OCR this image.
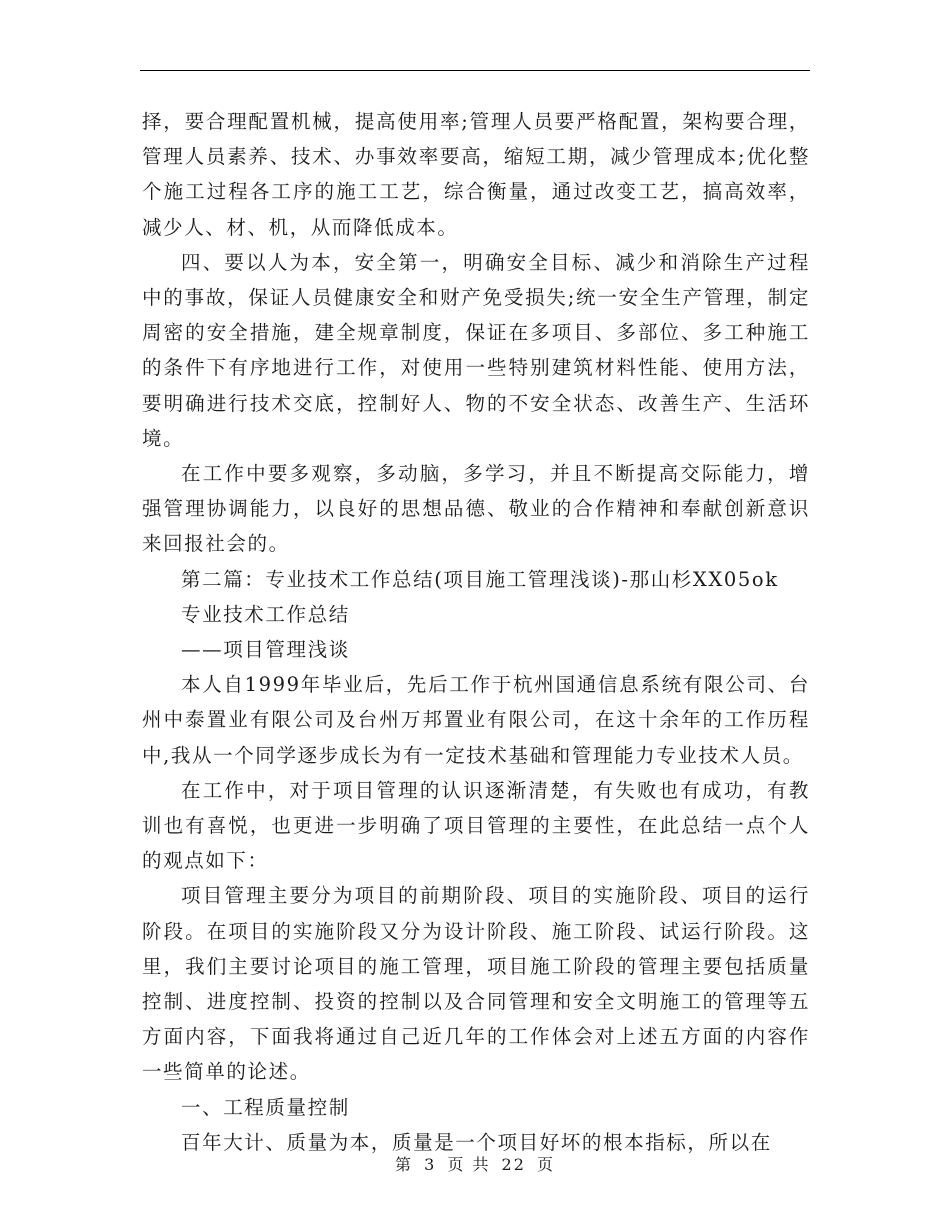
择，要合理配置机械，提高使用率;管理人员要严格配置，架构要合理，管理人员素养、技术、办事效率要高，缩短工期，减少管理成本;优化整个施工过程各工序的施工工艺，综合衡量，通过改变工艺，搞高效率，减少人、材、机，从而降低成本。

四、要以人为本，安全第一，明确安全目标、减少和消除生产过程中的事故，保证人员健康安全和财产免受损失;统一安全生产管理，制定周密的安全措施，建全规章制度，保证在多项目、多部位、多工种施工的条件下有序地进行工作，对使用一些特别建筑材料性能、使用方法，要明确进行技术交底，控制好人、物的不安全状态、改善生产、生活环境。

在工作中要多观察，多动脑，多学习，并且不断提高交际能力，增强管理协调能力，以良好的思想品德、敬业的合作精神和奉献创新意识来回报社会的。

第二篇：专业技术工作总结(项目施工管理浅谈)-那山杉XX05ok

专业技术工作总结

——项目管理浅谈

本人自1999年毕业后，先后工作于杭州国通信息系统有限公司、台州中泰置业有限公司及台州万邦置业有限公司，在这十余年的工作历程中,我从一个同学逐步成长为有一定技术基础和管理能力专业技术人员。

在工作中，对于项目管理的认识逐渐清楚，有失败也有成功，有教训也有喜悦，也更进一步明确了项目管理的主要性，在此总结一点个人的观点如下：

项目管理主要分为项目的前期阶段、项目的实施阶段、项目的运行阶段。在项目的实施阶段又分为设计阶段、施工阶段、试运行阶段。这里，我们主要讨论项目的施工管理，项目施工阶段的管理主要包括质量控制、进度控制、投资的控制以及合同管理和安全文明施工的管理等五方面内容，下面我将通过自己近几年的工作体会对上述五方面的内容作一些简单的论述。

一、工程质量控制

百年大计、质量为本，质量是一个项目好坏的根本指标，所以在

第 3 页 共 22 页
